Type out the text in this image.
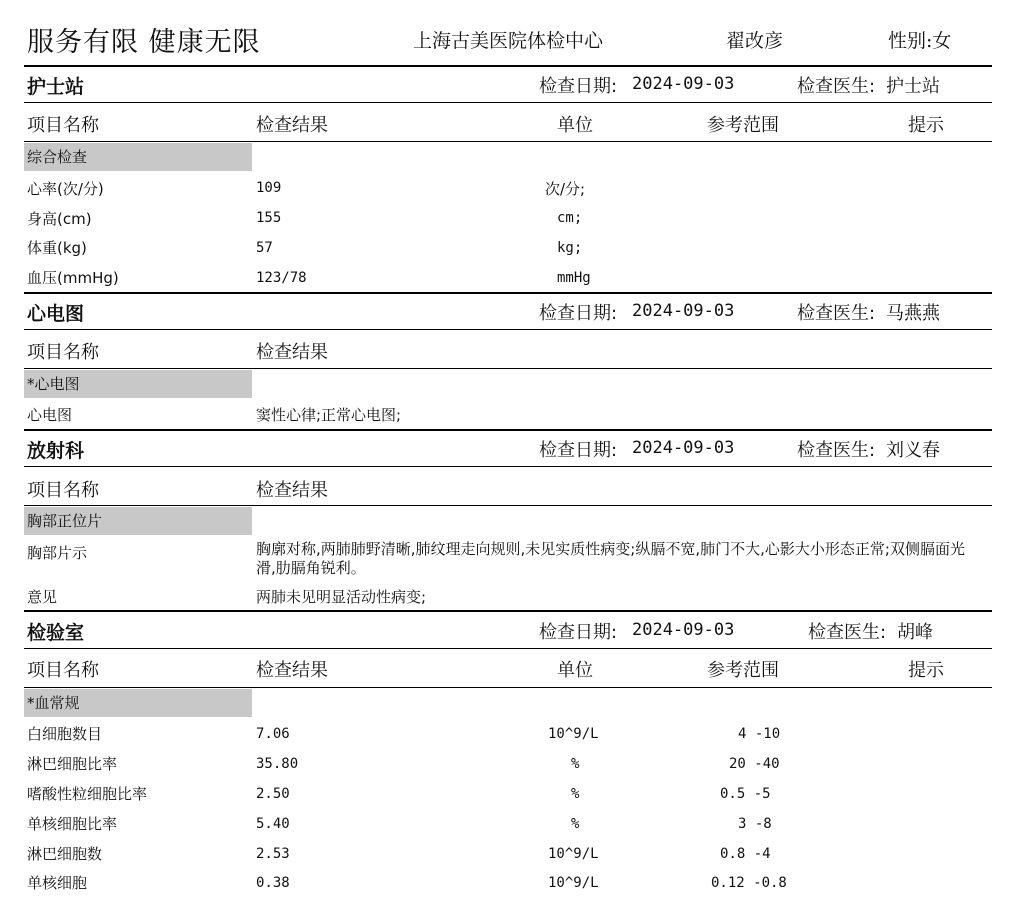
服务有限 健康无限	上海古美医院体检中心	翟改彦	性别:女
护士站	检查日期: 2024-09-03	检查医生: 护士站
项目名称	检查结果	单位	参考范围	提示
综合检查
心率(次/分)	109	次/分;
身高(cm)	155	cm;
体重(kg)	57	kg;
血压(mmHg)	123/78	mmHg
心电图	检查日期: 2024-09-03	检查医生: 马燕燕
项目名称	检查结果
*心电图
心电图	窦性心律;正常心电图;
放射科	检查日期: 2024-09-03	检查医生: 刘义春
项目名称	检查结果
胸部正位片
胸部片示	胸廓对称,两肺肺野清晰,肺纹理走向规则,未见实质性病变;纵膈不宽,肺门不大,心影大小形态正常;双侧膈面光滑,肋膈角锐利。
意见	两肺未见明显活动性病变;
检验室	检查日期: 2024-09-03	检查医生: 胡峰
项目名称	检查结果	单位	参考范围	提示
*血常规
白细胞数目	7.06	10^9/L	4 -10
淋巴细胞比率	35.80	%	20 -40
嗜酸性粒细胞比率	2.50	%	0.5 -5
单核细胞比率	5.40	%	3 -8
淋巴细胞数	2.53	10^9/L	0.8 -4
单核细胞	0.38	10^9/L	0.12 -0.8
